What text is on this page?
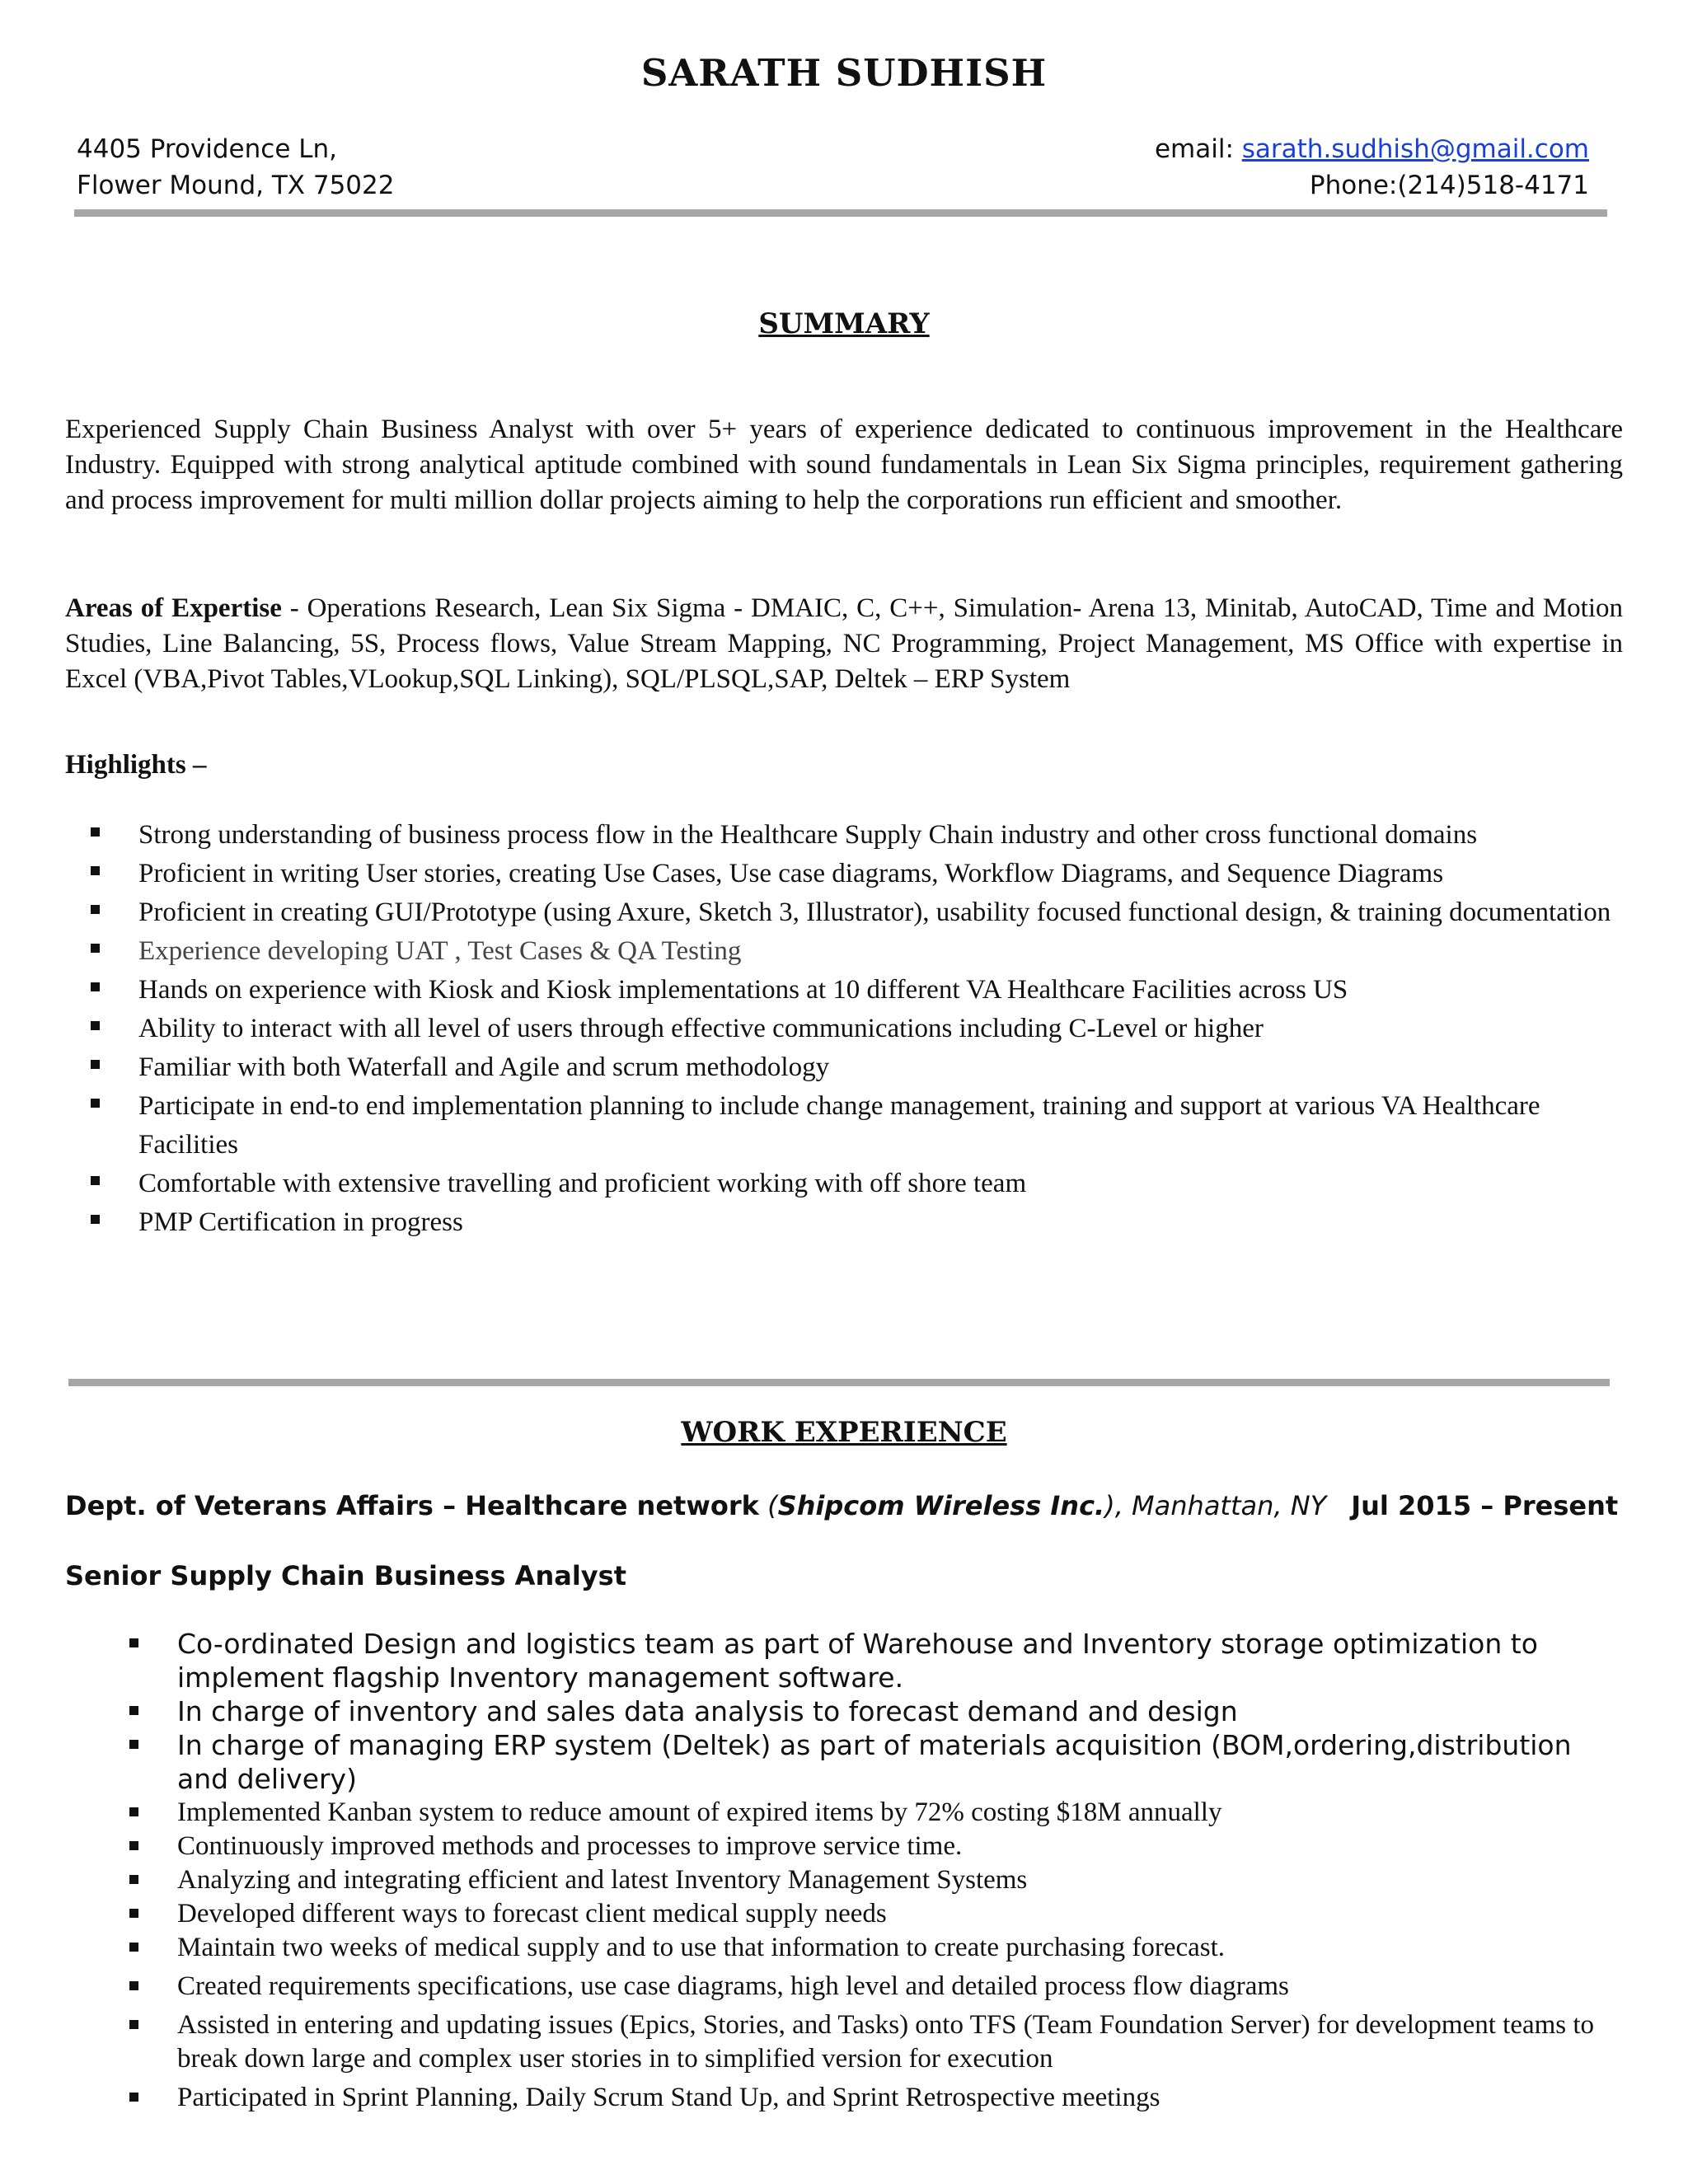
SARATH SUDHISH
4405 Providence Ln,
Flower Mound, TX 75022
email: sarath.sudhish@gmail.com
Phone:(214)518-4171
SUMMARY
Experienced Supply Chain Business Analyst with over 5+ years of experience dedicated to continuous improvement in the Healthcare Industry. Equipped with strong analytical aptitude combined with sound fundamentals in Lean Six Sigma principles, requirement gathering and process improvement for multi million dollar projects aiming to help the corporations run efficient and smoother.
Areas of Expertise - Operations Research, Lean Six Sigma - DMAIC, C, C++, Simulation- Arena 13, Minitab, AutoCAD, Time and Motion Studies, Line Balancing, 5S, Process flows, Value Stream Mapping, NC Programming, Project Management, MS Office with expertise in Excel (VBA,Pivot Tables,VLookup,SQL Linking), SQL/PLSQL,SAP, Deltek – ERP System
Highlights –
Strong understanding of business process flow in the Healthcare Supply Chain industry and other cross functional domains
Proficient in writing User stories, creating Use Cases, Use case diagrams, Workflow Diagrams, and Sequence Diagrams
Proficient in creating GUI/Prototype (using Axure, Sketch 3, Illustrator), usability focused functional design, & training documentation
Experience developing UAT , Test Cases & QA Testing
Hands on experience with Kiosk and Kiosk implementations at 10 different VA Healthcare Facilities across US
Ability to interact with all level of users through effective communications including C-Level or higher
Familiar with both Waterfall and Agile and scrum methodology
Participate in end-to end implementation planning to include change management, training and support at various VA Healthcare Facilities
Comfortable with extensive travelling and proficient working with off shore team
PMP Certification in progress
WORK EXPERIENCE
Dept. of Veterans Affairs – Healthcare network (Shipcom Wireless Inc.), Manhattan, NY Jul 2015 – Present
Senior Supply Chain Business Analyst
Co-ordinated Design and logistics team as part of Warehouse and Inventory storage optimization to implement flagship Inventory management software.
In charge of inventory and sales data analysis to forecast demand and design
In charge of managing ERP system (Deltek) as part of materials acquisition (BOM,ordering,distribution and delivery)
Implemented Kanban system to reduce amount of expired items by 72% costing $18M annually
Continuously improved methods and processes to improve service time.
Analyzing and integrating efficient and latest Inventory Management Systems
Developed different ways to forecast client medical supply needs
Maintain two weeks of medical supply and to use that information to create purchasing forecast.
Created requirements specifications, use case diagrams, high level and detailed process flow diagrams
Assisted in entering and updating issues (Epics, Stories, and Tasks) onto TFS (Team Foundation Server) for development teams to break down large and complex user stories in to simplified version for execution
Participated in Sprint Planning, Daily Scrum Stand Up, and Sprint Retrospective meetings
